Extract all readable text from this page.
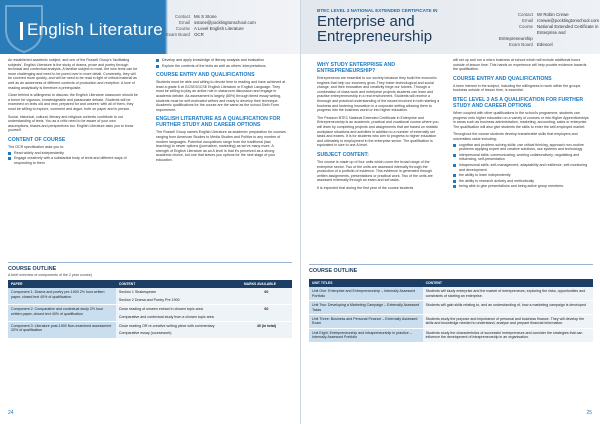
English Literature
Contact Ms S Stone
Email sstone@pocklingtonschool.com
Course A Level English Literature
Exam Board OCR

An established academic subject, and one of the Russell Group's 'facilitating subjects', English Literature is the study of drama, prose and poetry through technical and contextual analysis. A familiar subject to most, the new texts can be more challenging and need to be pored over in more detail. Conversely, they will be covered more quickly, and will be need to be read in light of critical material as well as an awareness of different contexts of production and reception. A love of reading analytically is therefore a prerequisite.

Close behind is willingness to discuss: the English Literature classroom should be a forum for vigorous, knowledgeable and passionate debate. Students will be examined on texts old and new, prepared for and unseen: with all of them, they must be willing to explore, comment and argue, both on paper and in person.

Social, historical, cultural, literary and religious contexts contribute to our understanding of texts. You as a critic need to be aware of your own assumptions, biases and perspectives too. English Literature asks you to know yourself.

CONTENT OF COURSE

The OCR specification asks you to:

Read widely and independently
Engage creatively with a substantial body of texts and different ways of responding to them
Develop and apply knowledge of literary analysis and evaluation
Explore the contexts of the texts as well as others' interpretations.
COURSE ENTRY AND QUALIFICATIONS

Students must be able and willing to devote time to reading and have achieved at least a grade 6 at GCSE/IGCSE English Literature or English Language. They must be willing to play an active role in classroom discussion and engage in academic debate. As assessment is largely (80%) through timed essay writing, students must be self-motivated writers and ready to develop their technique. Academic qualifications for the course are the same as the school Sixth Form requirement.

ENGLISH LITERATURE AS A QUALIFICATION FOR FURTHER STUDY AND CAREER OPTIONS

The Russell Group names English Literature as academic preparation for courses ranging from American Studies to Media Studies and Politics to any number of modern languages. Potential occupations range from the traditional (law, teaching) to newer options (journalism, marketing) as we've many more. A strength of English Literature as an A level is that it's perceived as a strong academic choice, but one that leaves you options for the next stage of your education.

COURSE OUTLINE
A brief overview of components of the 2 year course)
PAPER	CONTENT	MARKS AVAILABLE
Component 1: Drama and poetry pre-1900 2½ hour written paper, closed text 40% of qualification	Section 1 Shakespeare
Section 2 Drama and Poetry Pre 1900	60
Component 2: Comparative and contextual study 2½ hour written paper, closed text 40% of qualification	Close reading of unseen extract in chosen topic area
Comparative and contextual study from a chosen topic area	60
Component 3: Literature post-1900 Non-examined assessment 20% of qualification	Close reading OR re-creative writing piece with commentary
Comparative essay (coursework)	40 (in total)
24
BTEC LEVEL 3 NATIONAL EXTENDED CERTIFICATE IN
Enterprise and
Entrepreneurship
Contact Mr Robin Crewe
Email rcrewe@pocklingtonschool.com
Course National Extended Certificate in
Enterprise and Entrepreneurship
Exam Board Edexcel
WHY STUDY ENTERPRISE AND ENTREPRENEURSHIP?

Entrepreneurs are essential to our society because they build the economic engines that help our economy grow. They foster technological and social change, and their innovation and creativity forge our futures. Through a combination of class work and enterprise projects students can learn and practise entrepreneurship in a real environment. Students will receive a thorough and practical understanding of the issues involved in both starting a business and fostering innovation in a corporate setting allowing them to progress into the business world or into higher education.

The Pearson BTEC National Extended Certificate in Enterprise and Entrepreneurship is an academic, practical and vocational course where you will learn by completing projects and assignments that are based on realistic workplace situations and activities in addition to a number of externally set tasks and exams. It is for students who aim to progress to higher education and ultimately to employment in the enterprise sector. The qualification is equivalent in size to one A level.

SUBJECT CONTENT:

The course is made up of four units which cover the broad range of the enterprise sector. Two of the units are assessed internally through the production of a portfolio of evidence. This evidence is generated through written assignments, presentations or practical work. Two of the units are assessed externally through an exam and set tasks.

It is expected that during the first year of the course students

will set up and run a micro business at school which will include additional hours outside of lesson time. This hands on experience will help provide evidence towards the qualification.

COURSE ENTRY AND QUALIFICATIONS

A keen interest in the subject, including the willingness to work within the groups business outside of lesson time, is essential.

BTEC LEVEL 3 AS A QUALIFICATION FOR FURTHER STUDY AND CAREER OPTIONS

When coupled with other qualifications in the school's programme, students can progress onto higher education on a variety of courses or into Higher Apprenticeships in areas such as business administration, marketing, accounting, sales or enterprise. The qualification will also give students the skills to enter the self-employed market.

Throughout the course students develop transferable skills that employers and universities value including:

cognitive and problem-solving skills: use critical thinking, approach non-routine problems applying expert and creative solutions, use systems and technology
interpersonal skills: communicating, working collaboratively, negotiating and influencing, self-presentation
intrapersonal skills: self-management, adaptability and resilience, self-monitoring and development
the ability to learn independently
the ability to research actively and methodically
being able to give presentations and being active group members.
COURSE OUTLINE
UNIT TITLES	CONTENT
Unit One: Enterprise and Entrepreneurship – Internally Assessed Portfolio	Students will study enterprise and the market of entrepreneurs, exploring the risks, opportunities and constraints of starting an enterprise.
Unit Two: Developing a Marketing Campaign – Externally Assessed Tasks	Students will gain skills relating to, and an understanding of, how a marketing campaign is developed
Unit Three: Business and Personal Finance – Externally Assessed Exam	Students study the purpose and importance of personal and business finance. They will develop the skills and knowledge needed to understand, analyse and prepare financial information.
Unit Eight: Entrepreneurship and Intrapreneurship in practice – Internally Assessed Portfolio	Students study the characteristics of successful entrepreneurs and consider the strategies that can influence the development of intrapreneurship in an organisation.
25
